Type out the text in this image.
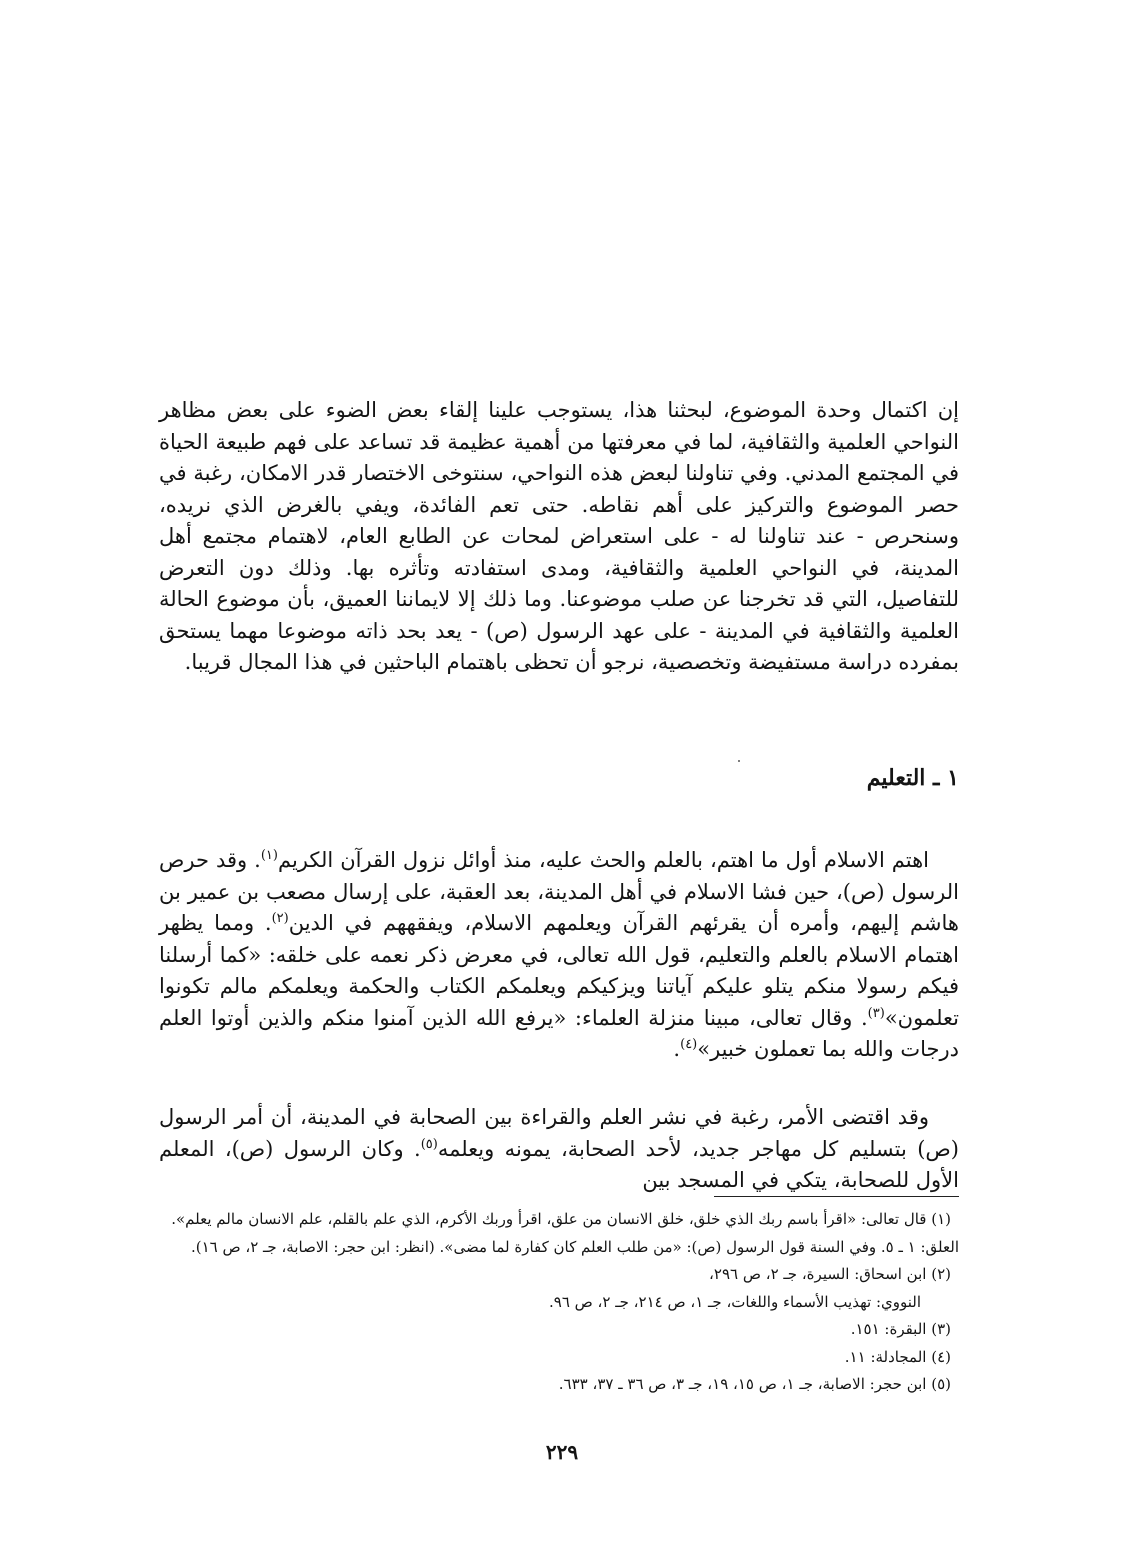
إن اكتمال وحدة الموضوع، لبحثنا هذا، يستوجب علينا إلقاء بعض الضوء على بعض مظاهر النواحي العلمية والثقافية، لما في معرفتها من أهمية عظيمة قد تساعد على فهم طبيعة الحياة في المجتمع المدني. وفي تناولنا لبعض هذه النواحي، سنتوخى الاختصار قدر الامكان، رغبة في حصر الموضوع والتركيز على أهم نقاطه. حتى تعم الفائدة، ويفي بالغرض الذي نريده، وسنحرص - عند تناولنا له - على استعراض لمحات عن الطابع العام، لاهتمام مجتمع أهل المدينة، في النواحي العلمية والثقافية، ومدى استفادته وتأثره بها. وذلك دون التعرض للتفاصيل، التي قد تخرجنا عن صلب موضوعنا. وما ذلك إلا لايماننا العميق، بأن موضوع الحالة العلمية والثقافية في المدينة - على عهد الرسول (ص) - يعد بحد ذاته موضوعا مهما يستحق بمفرده دراسة مستفيضة وتخصصية، نرجو أن تحظى باهتمام الباحثين في هذا المجال قريبا.

١ ـ التعليم

اهتم الاسلام أول ما اهتم، بالعلم والحث عليه، منذ أوائل نزول القرآن الكريم$^{(١)}$. وقد حرص الرسول (ص)، حين فشا الاسلام في أهل المدينة، بعد العقبة، على إرسال مصعب بن عمير بن هاشم إليهم، وأمره أن يقرئهم القرآن ويعلمهم الاسلام، ويفقههم في الدين$^{(٢)}$. ومما يظهر اهتمام الاسلام بالعلم والتعليم، قول الله تعالى، في معرض ذكر نعمه على خلقه: «كما أرسلنا فيكم رسولا منكم يتلو عليكم آياتنا ويزكيكم ويعلمكم الكتاب والحكمة ويعلمكم مالم تكونوا تعلمون»$^{(٣)}$. وقال تعالى، مبينا منزلة العلماء: «يرفع الله الذين آمنوا منكم والذين أوتوا العلم درجات والله بما تعملون خبير»$^{(٤)}$.

وقد اقتضى الأمر، رغبة في نشر العلم والقراءة بين الصحابة في المدينة، أن أمر الرسول (ص) بتسليم كل مهاجر جديد، لأحد الصحابة، يمونه ويعلمه$^{(٥)}$. وكان الرسول (ص)، المعلم الأول للصحابة، يتكي في المسجد بين

(١) قال تعالى: «اقرأ باسم ربك الذي خلق، خلق الانسان من علق، اقرأ وربك الأكرم، الذي علم بالقلم، علم الانسان مالم يعلم».
العلق: ١ ـ ٥. وفي السنة قول الرسول (ص): «من طلب العلم كان كفارة لما مضى». (انظر: ابن حجر: الاصابة، جـ ٢، ص ١٦).
(٢) ابن اسحاق: السيرة، جـ ٢، ص ٢٩٦،
النووي: تهذيب الأسماء واللغات، جـ ١، ص ٢١٤، جـ ٢، ص ٩٦.
(٣) البقرة: ١٥١.
(٤) المجادلة: ١١.
(٥) ابن حجر: الاصابة، جـ ١، ص ١٥، ١٩، جـ ٣، ص ٣٦ ـ ٣٧، ٦٣٣.
٢٢٩
